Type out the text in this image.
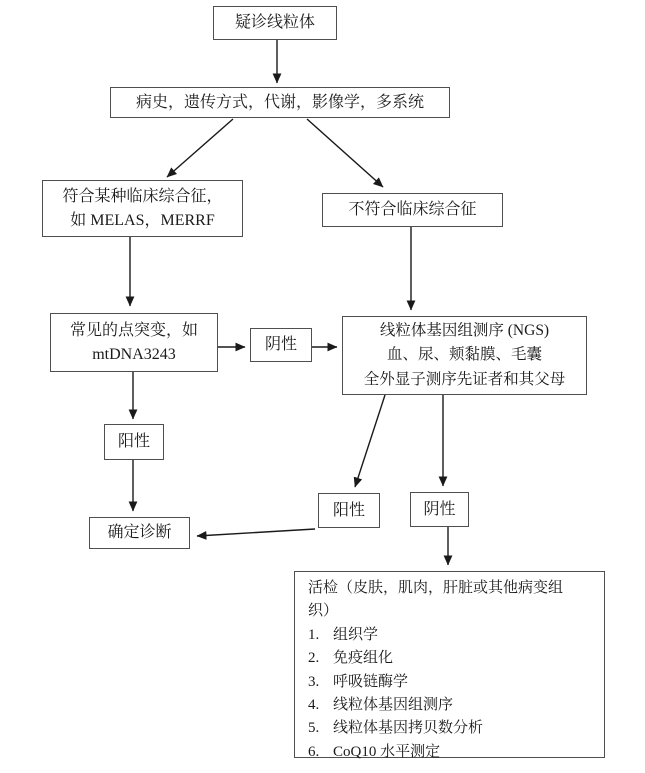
疑诊线粒体
病史，遗传方式，代谢，影像学，多系统
符合某种临床综合征，
如 MELAS，MERRF
不符合临床综合征
常见的点突变，如
mtDNA3243
阴性
线粒体基因组测序 (NGS)
血、尿、颊黏膜、毛囊
全外显子测序先证者和其父母
阳性
确定诊断
阳性	阴性
活检（皮肤，肌肉，肝脏或其他病变组
织）
1. 组织学
2. 免疫组化
3. 呼吸链酶学
4. 线粒体基因组测序
5. 线粒体基因拷贝数分析
6. CoQ10 水平测定
